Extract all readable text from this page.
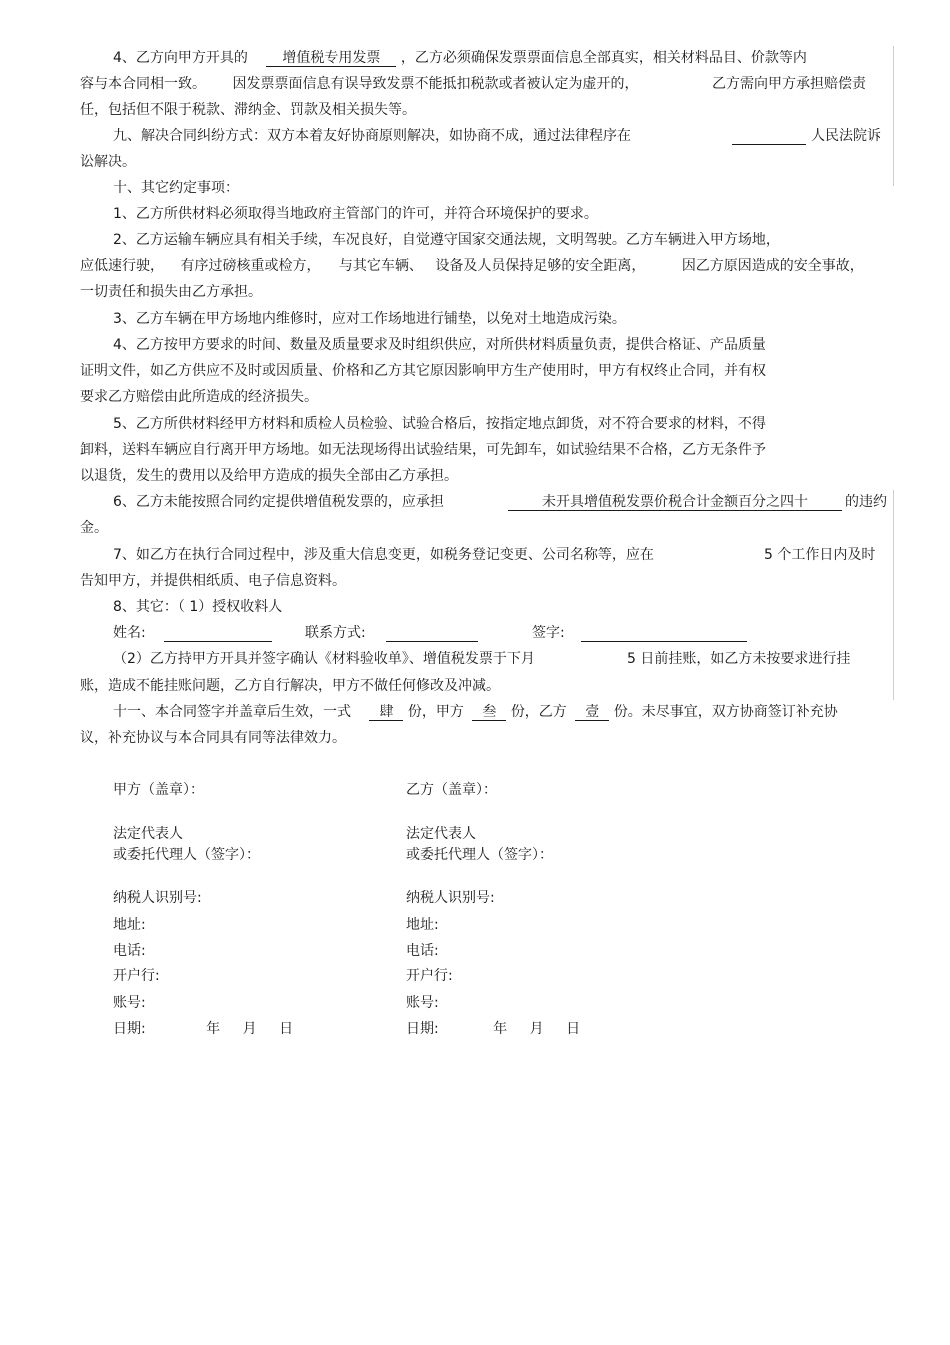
4、乙方向甲方开具的 增值税专用发票 ，乙方必须确保发票票面信息全部真实，相关材料品目、价款等内
容与本合同相一致。 因发票票面信息有误导致发票不能抵扣税款或者被认定为虚开的，	乙方需向甲方承担赔偿责
任，包括但不限于税款、滞纳金、罚款及相关损失等。
九、解决合同纠纷方式：双方本着友好协商原则解决，如协商不成，通过法律程序在
	人民法院诉
讼解决。
十、其它约定事项：
1、乙方所供材料必须取得当地政府主管部门的许可，并符合环境保护的要求。
2、乙方运输车辆应具有相关手续，车况良好，自觉遵守国家交通法规，文明驾驶。乙方车辆进入甲方场地，
应低速行驶， 有序过磅核重或检方， 与其它车辆、 设备及人员保持足够的安全距离，	因乙方原因造成的安全事故，
一切责任和损失由乙方承担。
3、乙方车辆在甲方场地内维修时，应对工作场地进行铺垫，以免对土地造成污染。
4、乙方按甲方要求的时间、数量及质量要求及时组织供应，对所供材料质量负责，提供合格证、产品质量
证明文件，如乙方供应不及时或因质量、价格和乙方其它原因影响甲方生产使用时，甲方有权终止合同，并有权
要求乙方赔偿由此所造成的经济损失。
5、乙方所供材料经甲方材料和质检人员检验、试验合格后，按指定地点卸货，对不符合要求的材料，不得
卸料，送料车辆应自行离开甲方场地。如无法现场得出试验结果，可先卸车，如试验结果不合格，乙方无条件予
以退货，发生的费用以及给甲方造成的损失全部由乙方承担。
6、乙方未能按照合同约定提供增值税发票的，应承担	未开具增值税发票价税合计金额百分之四十	的违约
金。
7、如乙方在执行合同过程中，涉及重大信息变更，如税务登记变更、公司名称等，应在	5 个工作日内及时
告知甲方，并提供相纸质、电子信息资料。
8、其它：（ 1）授权收料人
姓名:	联系方式:	签字:
（2）乙方持甲方开具并签字确认《材料验收单》、增值税发票于下月	5 日前挂账，如乙方未按要求进行挂
账，造成不能挂账问题，乙方自行解决，甲方不做任何修改及冲减。
十一、本合同签字并盖章后生效，一式 肆 份，甲方 叁 份，乙方 壹 份。未尽事宜，双方协商签订补充协
议，补充协议与本合同具有同等法律效力。
甲方（盖章）：
法定代表人
或委托代理人（签字）：
纳税人识别号:
地址:
电话:
开户行:
账号:
日期:	年 月 日
乙方（盖章）：
法定代表人
或委托代理人（签字）：
纳税人识别号:
地址:
电话:
开户行:
账号:
日期:	年 月 日
